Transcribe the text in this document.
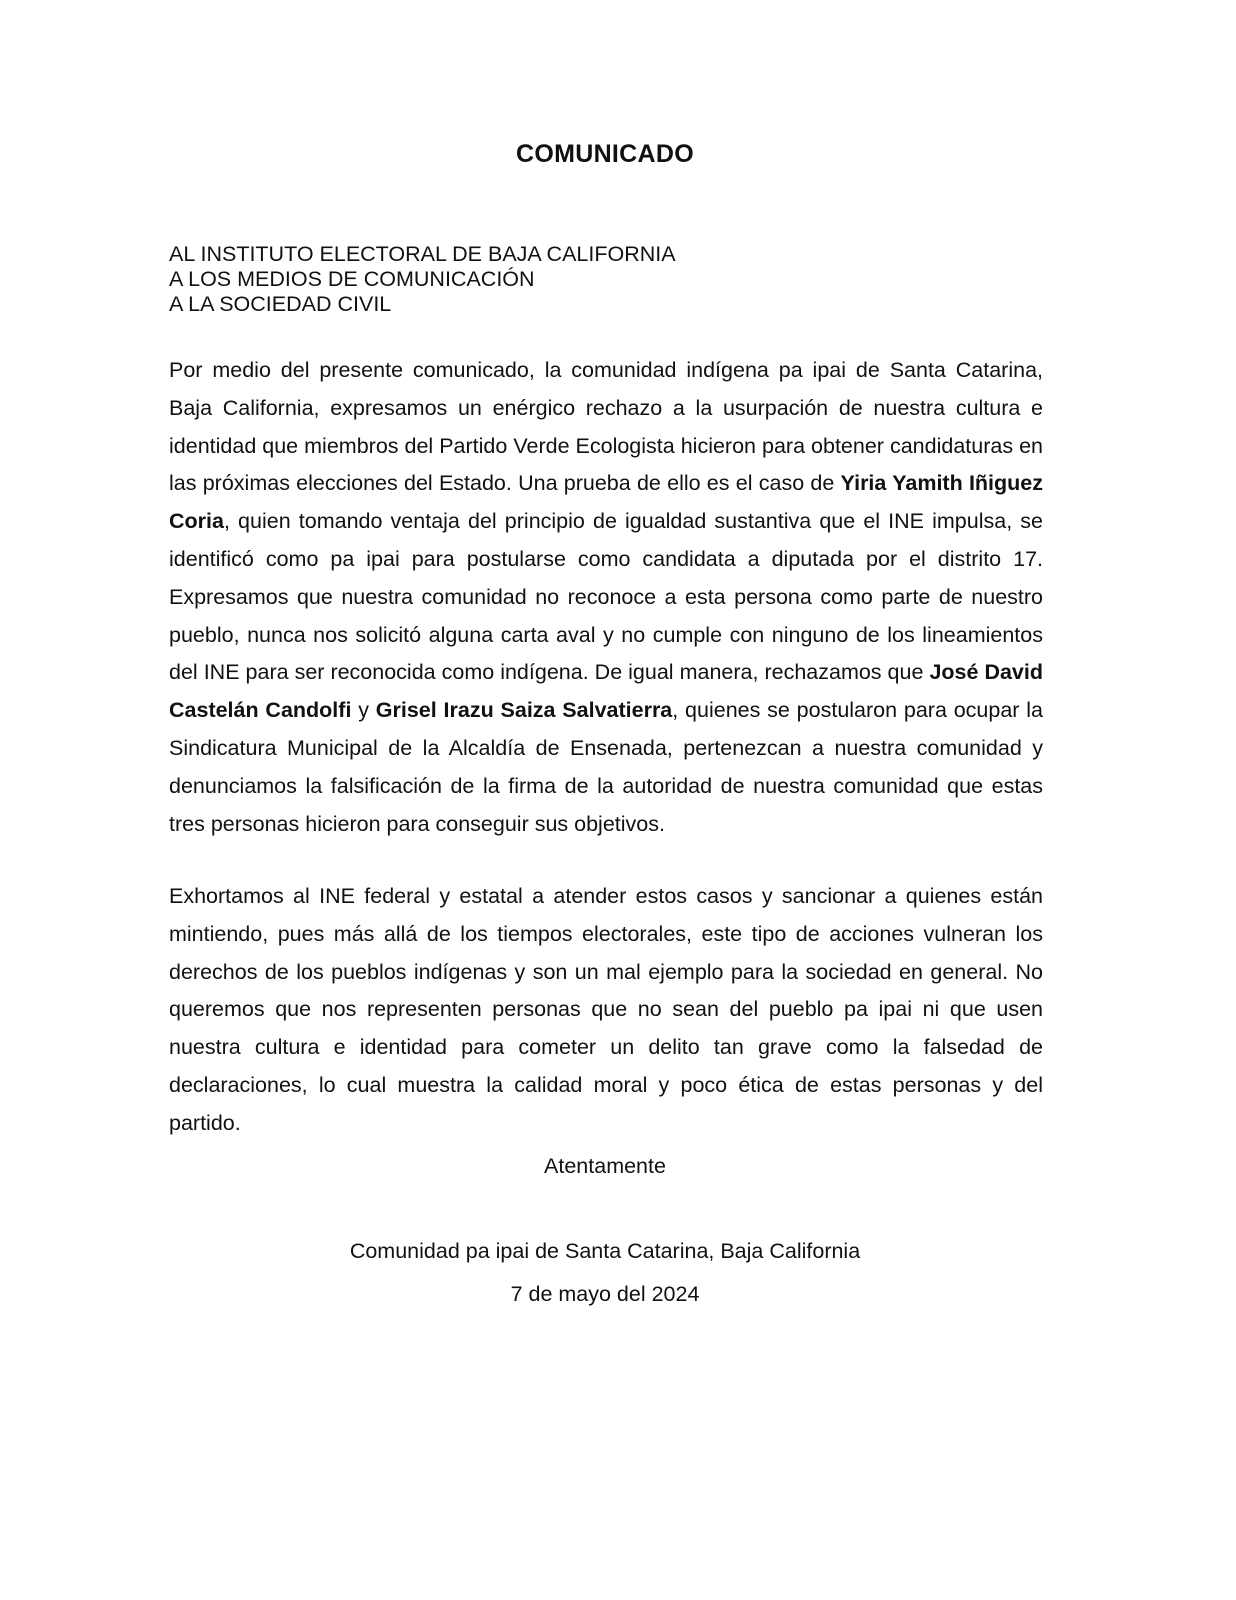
COMUNICADO
AL INSTITUTO ELECTORAL DE BAJA CALIFORNIA
A LOS MEDIOS DE COMUNICACIÓN
A LA SOCIEDAD CIVIL

Por medio del presente comunicado, la comunidad indígena pa ipai de Santa Catarina, Baja California, expresamos un enérgico rechazo a la usurpación de nuestra cultura e identidad que miembros del Partido Verde Ecologista hicieron para obtener candidaturas en las próximas elecciones del Estado. Una prueba de ello es el caso de Yiria Yamith Iñiguez Coria, quien tomando ventaja del principio de igualdad sustantiva que el INE impulsa, se identificó como pa ipai para postularse como candidata a diputada por el distrito 17. Expresamos que nuestra comunidad no reconoce a esta persona como parte de nuestro pueblo, nunca nos solicitó alguna carta aval y no cumple con ninguno de los lineamientos del INE para ser reconocida como indígena. De igual manera, rechazamos que José David Castelán Candolfi y Grisel Irazu Saiza Salvatierra, quienes se postularon para ocupar la Sindicatura Municipal de la Alcaldía de Ensenada, pertenezcan a nuestra comunidad y denunciamos la falsificación de la firma de la autoridad de nuestra comunidad que estas tres personas hicieron para conseguir sus objetivos.

Exhortamos al INE federal y estatal a atender estos casos y sancionar a quienes están mintiendo, pues más allá de los tiempos electorales, este tipo de acciones vulneran los derechos de los pueblos indígenas y son un mal ejemplo para la sociedad en general. No queremos que nos representen personas que no sean del pueblo pa ipai ni que usen nuestra cultura e identidad para cometer un delito tan grave como la falsedad de declaraciones, lo cual muestra la calidad moral y poco ética de estas personas y del partido.

Atentamente
Comunidad pa ipai de Santa Catarina, Baja California
7 de mayo del 2024
